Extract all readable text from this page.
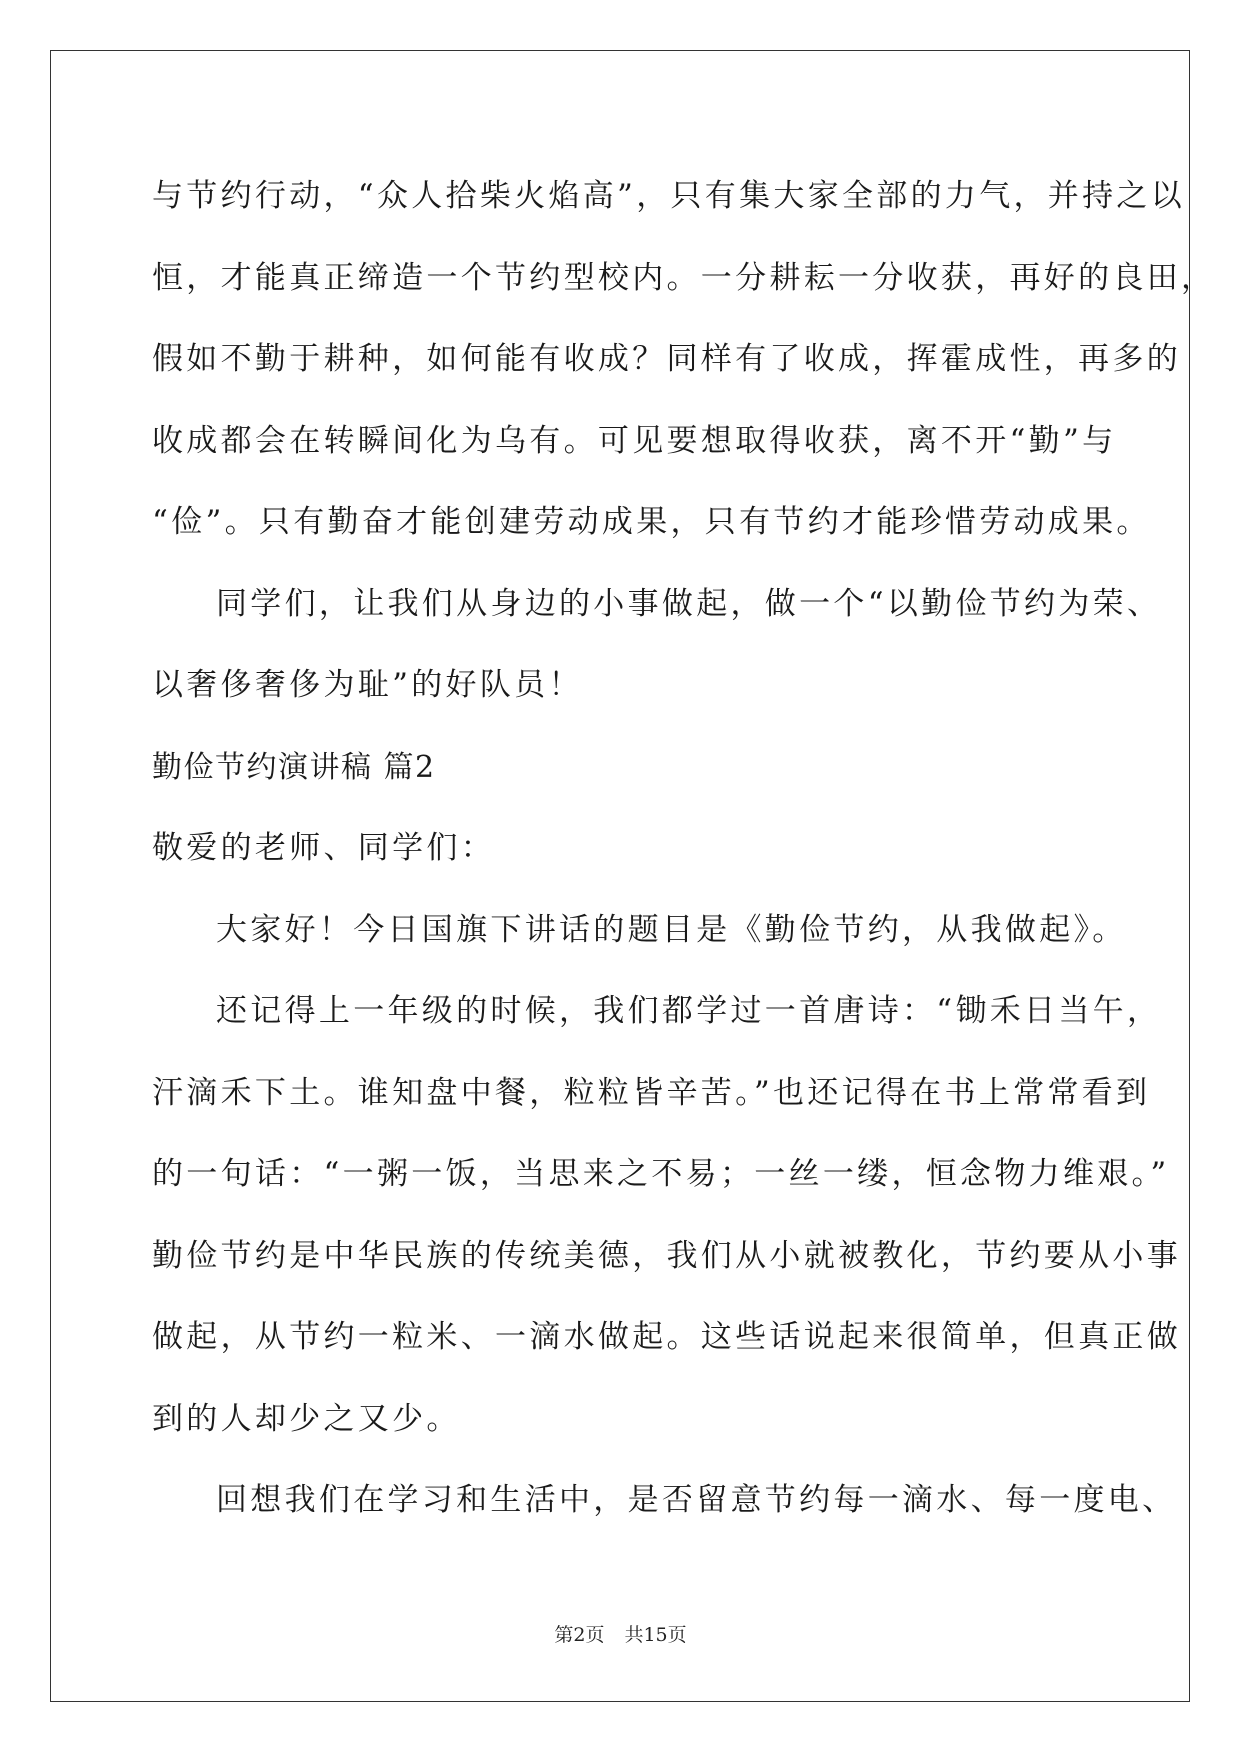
与节约行动，“众人拾柴火焰高”，只有集大家全部的力气，并持之以
恒，才能真正缔造一个节约型校内。一分耕耘一分收获，再好的良田，
假如不勤于耕种，如何能有收成？同样有了收成，挥霍成性，再多的
收成都会在转瞬间化为乌有。可见要想取得收获，离不开“勤”与
“俭”。只有勤奋才能创建劳动成果，只有节约才能珍惜劳动成果。
同学们，让我们从身边的小事做起，做一个“以勤俭节约为荣、
以奢侈奢侈为耻”的好队员！
勤俭节约演讲稿 篇2
敬爱的老师、同学们：
大家好！今日国旗下讲话的题目是《勤俭节约，从我做起》。
还记得上一年级的时候，我们都学过一首唐诗：“锄禾日当午，
汗滴禾下土。谁知盘中餐，粒粒皆辛苦。”也还记得在书上常常看到
的一句话：“一粥一饭，当思来之不易；一丝一缕，恒念物力维艰。”
勤俭节约是中华民族的传统美德，我们从小就被教化，节约要从小事
做起，从节约一粒米、一滴水做起。这些话说起来很简单，但真正做
到的人却少之又少。
回想我们在学习和生活中，是否留意节约每一滴水、每一度电、
第2页 共15页
